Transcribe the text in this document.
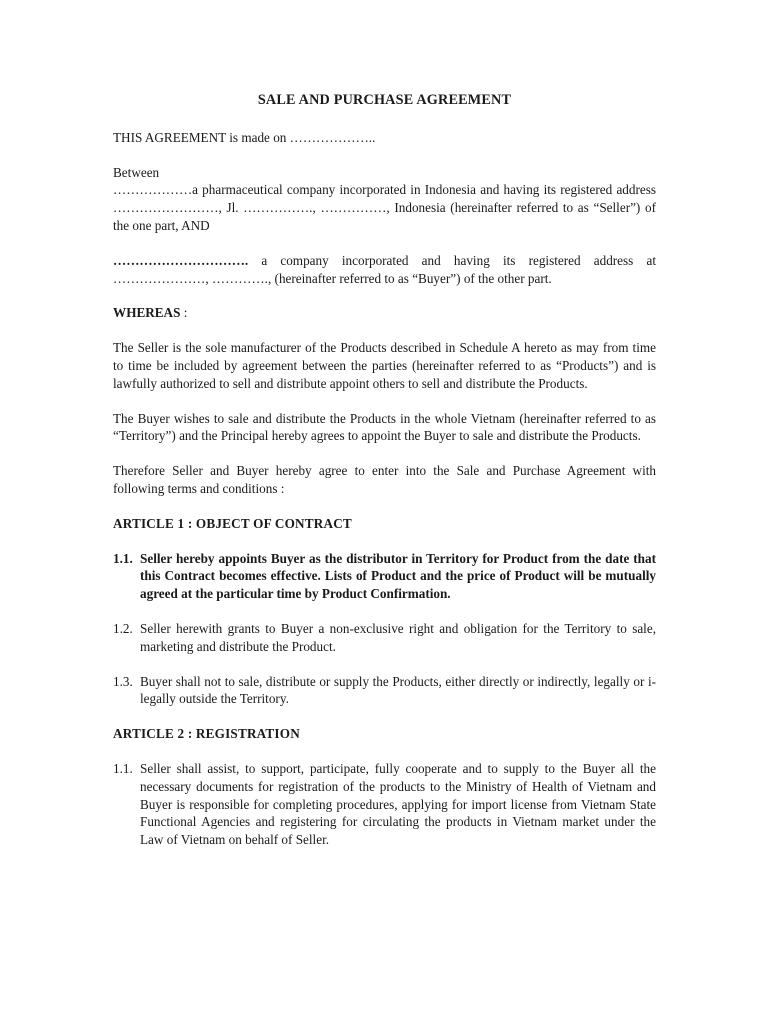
SALE AND PURCHASE AGREEMENT

THIS AGREEMENT is made on ………………..

Between

………………a pharmaceutical company incorporated in Indonesia and having its registered address ……………………, Jl. ……………., ……………, Indonesia (hereinafter referred to as “Seller”) of the one part, AND

…………………………. a company incorporated and having its registered address at …………………, …………., (hereinafter referred to as “Buyer”) of the other part.

WHEREAS :

The Seller is the sole manufacturer of the Products described in Schedule A hereto as may from time to time be included by agreement between the parties (hereinafter referred to as “Products”) and is lawfully authorized to sell and distribute appoint others to sell and distribute the Products.

The Buyer wishes to sale and distribute the Products in the whole Vietnam (hereinafter referred to as “Territory”) and the Principal hereby agrees to appoint the Buyer to sale and distribute the Products.

Therefore Seller and Buyer hereby agree to enter into the Sale and Purchase Agreement with following terms and conditions :

ARTICLE 1 : OBJECT OF CONTRACT
1.1. Seller hereby appoints Buyer as the distributor in Territory for Product from the date that this Contract becomes effective. Lists of Product and the price of Product will be mutually agreed at the particular time by Product Confirmation.
1.2. Seller herewith grants to Buyer a non-exclusive right and obligation for the Territory to sale, marketing and distribute the Product.
1.3. Buyer shall not to sale, distribute or supply the Products, either directly or indirectly, legally or i-legally outside the Territory.
ARTICLE 2 : REGISTRATION
1.1. Seller shall assist, to support, participate, fully cooperate and to supply to the Buyer all the necessary documents for registration of the products to the Ministry of Health of Vietnam and Buyer is responsible for completing procedures, applying for import license from Vietnam State Functional Agencies and registering for circulating the products in Vietnam market under the Law of Vietnam on behalf of Seller.
